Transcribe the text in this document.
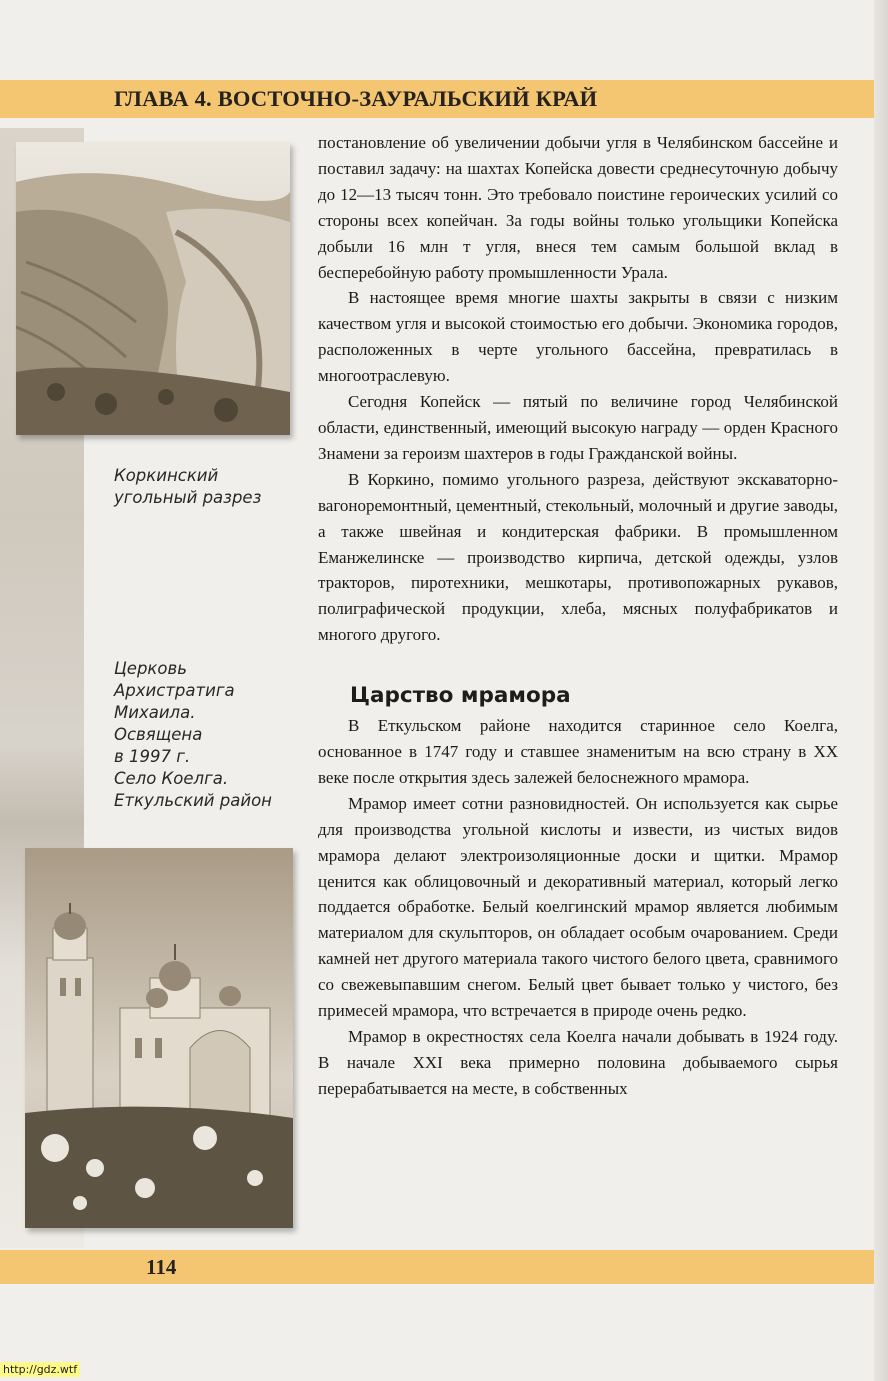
ГЛАВА 4. ВОСТОЧНО-ЗАУРАЛЬСКИЙ КРАЙ
Коркинский
угольный разрез
Церковь
Архистратига
Михаила.
Освящена
в 1997 г.
Село Коелга.
Еткульский район

постановление об увеличении добычи угля в Челябинском бассейне и поставил задачу: на шахтах Копейска довести среднесуточную добычу до 12—13 тысяч тонн. Это требовало поистине героических усилий со стороны всех копейчан. За годы войны только угольщики Копейска добыли 16 млн т угля, внеся тем самым большой вклад в бесперебойную работу промышленности Урала.

В настоящее время многие шахты закрыты в связи с низким качеством угля и высокой стоимостью его добычи. Экономика городов, расположенных в черте угольного бассейна, превратилась в многоотраслевую.

Сегодня Копейск — пятый по величине город Челябинской области, единственный, имеющий высокую награду — орден Красного Знамени за героизм шахтеров в годы Гражданской войны.

В Коркино, помимо угольного разреза, действуют экскаваторно-вагоноремонтный, цементный, стекольный, молочный и другие заводы, а также швейная и кондитерская фабрики. В промышленном Еманжелинске — производство кирпича, детской одежды, узлов тракторов, пиротехники, мешкотары, противопожарных рукавов, полиграфической продукции, хлеба, мясных полуфабрикатов и многого другого.

Царство мрамора

В Еткульском районе находится старинное село Коелга, основанное в 1747 году и ставшее знаменитым на всю страну в XX веке после открытия здесь залежей белоснежного мрамора.

Мрамор имеет сотни разновидностей. Он используется как сырье для производства угольной кислоты и извести, из чистых видов мрамора делают электроизоляционные доски и щитки. Мрамор ценится как облицовочный и декоративный материал, который легко поддается обработке. Белый коелгинский мрамор является любимым материалом для скульпторов, он обладает особым очарованием. Среди камней нет другого материала такого чистого белого цвета, сравнимого со свежевыпавшим снегом. Белый цвет бывает только у чистого, без примесей мрамора, что встречается в природе очень редко.

Мрамор в окрестностях села Коелга начали добывать в 1924 году. В начале XXI века примерно половина добываемого сырья перерабатывается на месте, в собственных

114
http://gdz.wtf
